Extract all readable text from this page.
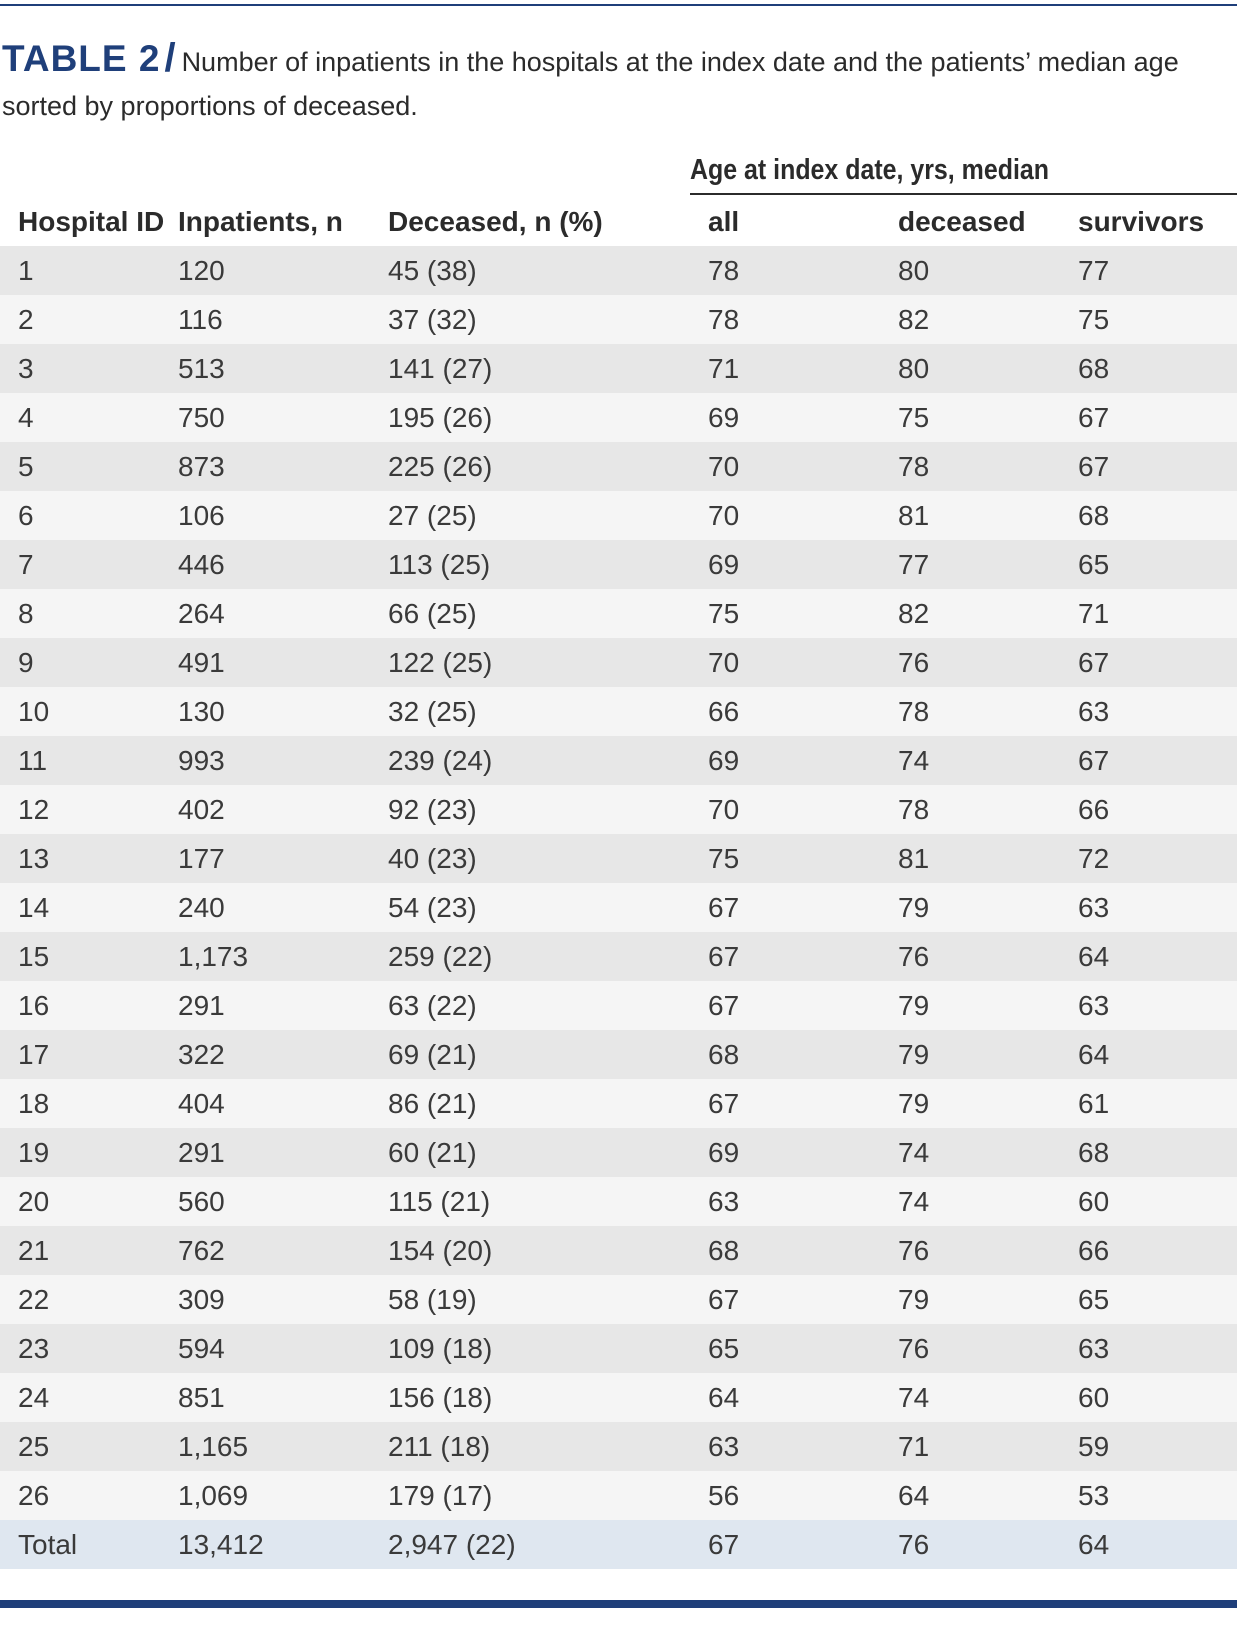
TABLE 2 / Number of inpatients in the hospitals at the index date and the patients’ median age sorted by proportions of deceased.
Age at index date, yrs, median
Hospital ID	Inpatients, n	Deceased, n (%)	all	deceased	survivors
1	120	45 (38)	78	80	77
2	116	37 (32)	78	82	75
3	513	141 (27)	71	80	68
4	750	195 (26)	69	75	67
5	873	225 (26)	70	78	67
6	106	27 (25)	70	81	68
7	446	113 (25)	69	77	65
8	264	66 (25)	75	82	71
9	491	122 (25)	70	76	67
10	130	32 (25)	66	78	63
11	993	239 (24)	69	74	67
12	402	92 (23)	70	78	66
13	177	40 (23)	75	81	72
14	240	54 (23)	67	79	63
15	1,173	259 (22)	67	76	64
16	291	63 (22)	67	79	63
17	322	69 (21)	68	79	64
18	404	86 (21)	67	79	61
19	291	60 (21)	69	74	68
20	560	115 (21)	63	74	60
21	762	154 (20)	68	76	66
22	309	58 (19)	67	79	65
23	594	109 (18)	65	76	63
24	851	156 (18)	64	74	60
25	1,165	211 (18)	63	71	59
26	1,069	179 (17)	56	64	53
Total	13,412	2,947 (22)	67	76	64
